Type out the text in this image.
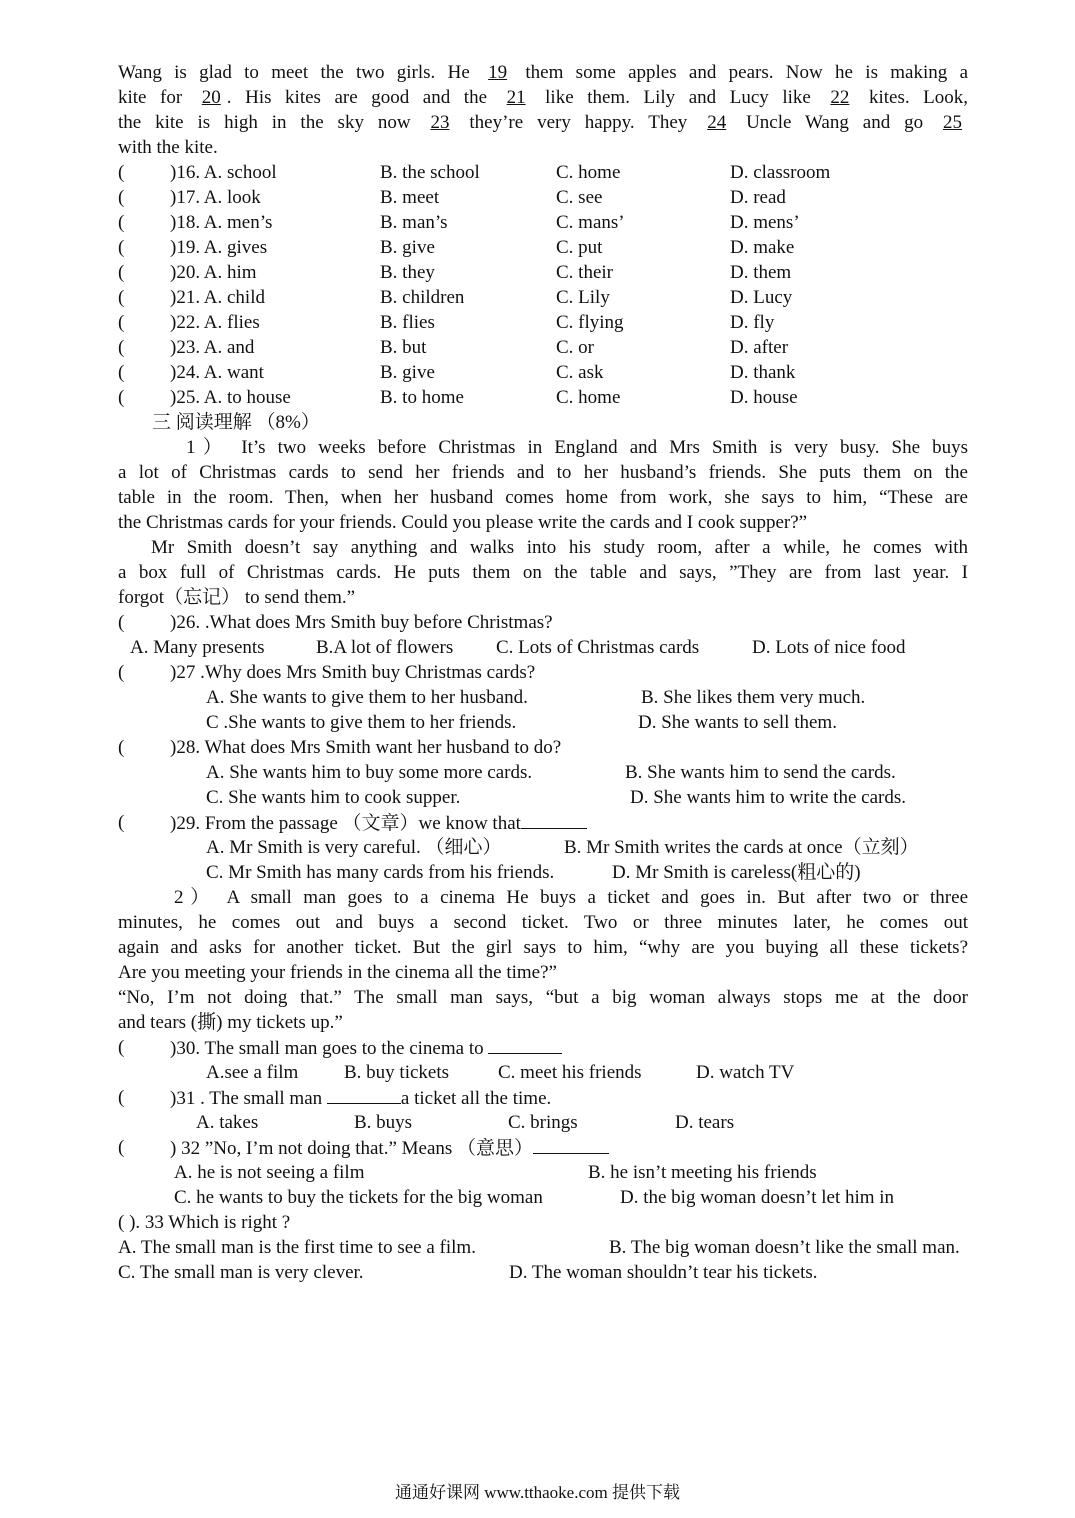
Wang is glad to meet the two girls. He 19 them some apples and pears. Now he is making a
kite for 20 . His kites are good and the 21 like them. Lily and Lucy like 22 kites. Look,
the kite is high in the sky now 23 they’re very happy. They 24 Uncle Wang and go 25
with the kite.
( )16. A. school	B. the school	C. home	D. classroom
( )17. A. look	B. meet	C. see	D. read
( )18. A. men’s	B. man’s	C. mans’	D. mens’
( )19. A. gives	B. give	C. put	D. make
( )20. A. him	B. they	C. their	D. them
( )21. A. child	B. children	C. Lily	D. Lucy
( )22. A. flies	B. flies	C. flying	D. fly
( )23. A. and	B. but	C. or	D. after
( )24. A. want	B. give	C. ask	D. thank
( )25. A. to house	B. to home	C. home	D. house
三 阅读理解 （8%）
1） It’s two weeks before Christmas in England and Mrs Smith is very busy. She buys
a lot of Christmas cards to send her friends and to her husband’s friends. She puts them on the
table in the room. Then, when her husband comes home from work, she says to him, “These are
the Christmas cards for your friends. Could you please write the cards and I cook supper?”
Mr Smith doesn’t say anything and walks into his study room, after a while, he comes with
a box full of Christmas cards. He puts them on the table and says, ”They are from last year. I
forgot（忘记） to send them.”
( )26. .What does Mrs Smith buy before Christmas?
A. Many presents	B.A lot of flowers C. Lots of Christmas cards	D. Lots of nice food
( )27 .Why does Mrs Smith buy Christmas cards?
A. She wants to give them to her husband.	B. She likes them very much.
C .She wants to give them to her friends.	D. She wants to sell them.
( )28. What does Mrs Smith want her husband to do?
A. She wants him to buy some more cards.	B. She wants him to send the cards.
C. She wants him to cook supper.	D. She wants him to write the cards.
( )29. From the passage （文章）we know that
A. Mr Smith is very careful. （细心）	B. Mr Smith writes the cards at once（立刻）
C. Mr Smith has many cards from his friends.	D. Mr Smith is careless(粗心的)
2） A small man goes to a cinema He buys a ticket and goes in. But after two or three
minutes, he comes out and buys a second ticket. Two or three minutes later, he comes out
again and asks for another ticket. But the girl says to him, “why are you buying all these tickets?
Are you meeting your friends in the cinema all the time?”
“No, I’m not doing that.” The small man says, “but a big woman always stops me at the door
and tears (撕) my tickets up.”
( )30. The small man goes to the cinema to
A.see a film B. buy tickets	C. meet his friends	D. watch TV
( )31 . The small man	a ticket all the time.
A. takes	B. buys	C. brings	D. tears
( ) 32 ”No, I’m not doing that.” Means （意思）
A. he is not seeing a film	B. he isn’t meeting his friends
C. he wants to buy the tickets for the big woman	D. the big woman doesn’t let him in
( ). 33 Which is right ?
A. The small man is the first time to see a film.	B. The big woman doesn’t like the small man.
C. The small man is very clever.	D. The woman shouldn’t tear his tickets.
通通好课网 www.tthaoke.com 提供下载
